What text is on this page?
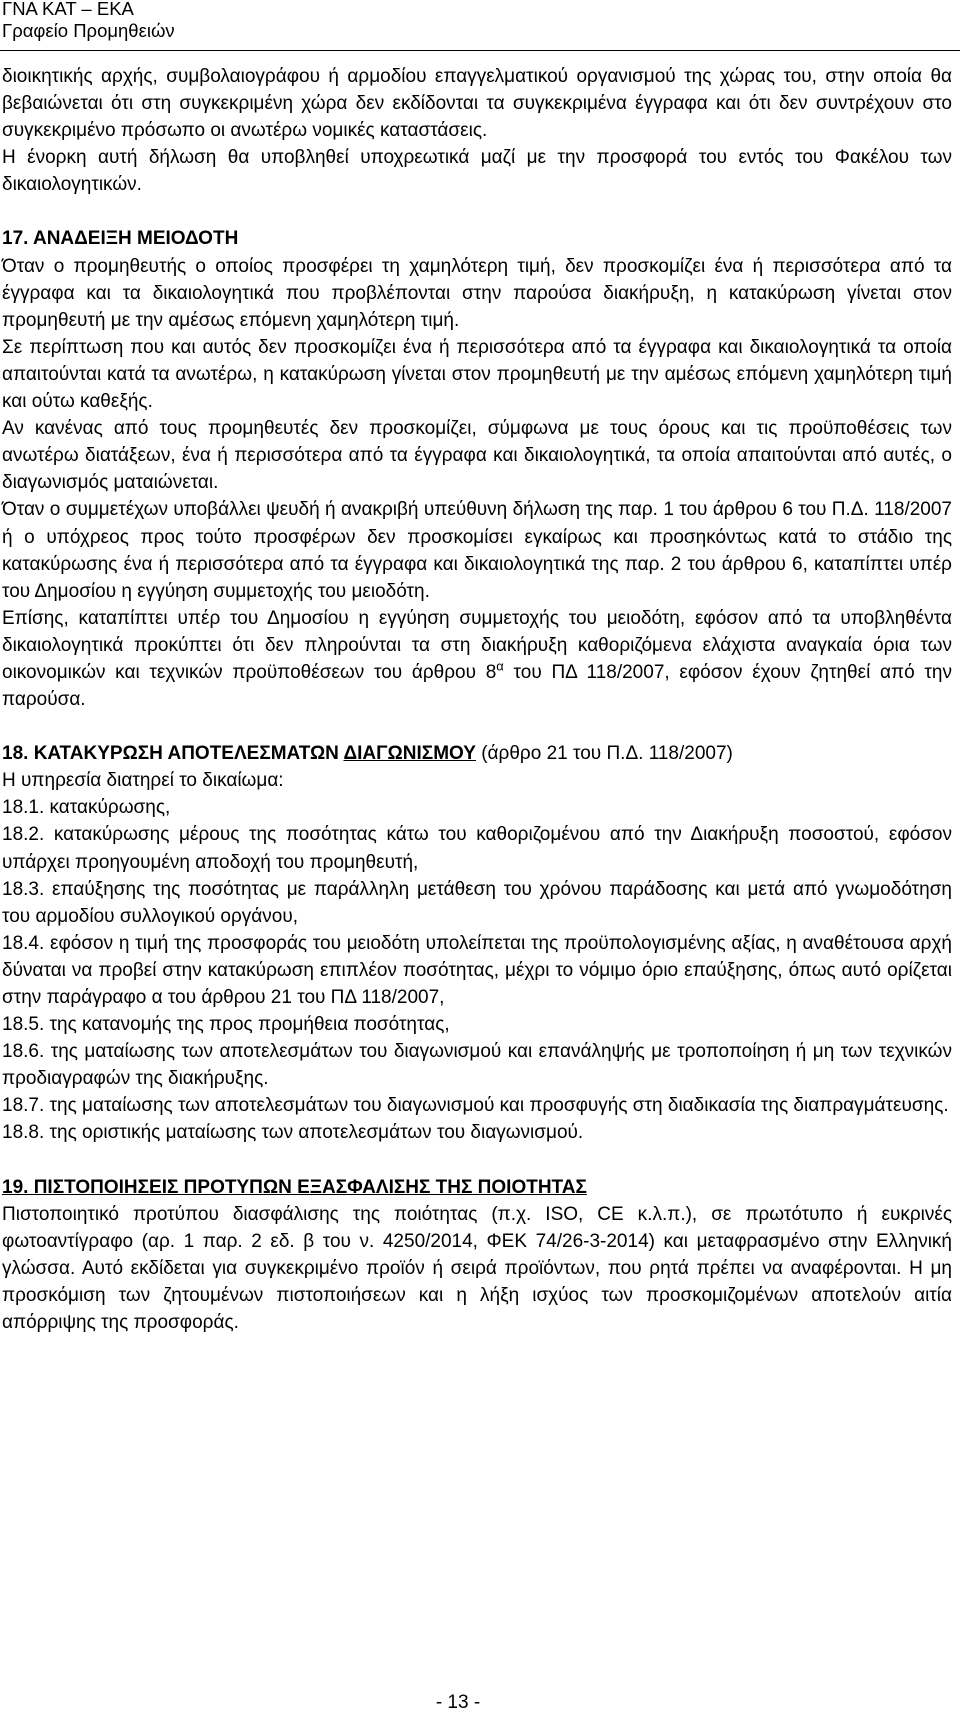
ΓΝΑ ΚΑΤ – ΕΚΑ
Γραφείο Προμηθειών

διοικητικής αρχής, συμβολαιογράφου ή αρμοδίου επαγγελματικού οργανισμού της χώρας του, στην οποία θα βεβαιώνεται ότι στη συγκεκριμένη χώρα δεν εκδίδονται τα συγκεκριμένα έγγραφα και ότι δεν συντρέχουν στο συγκεκριμένο πρόσωπο οι ανωτέρω νομικές καταστάσεις.

Η ένορκη αυτή δήλωση θα υποβληθεί υποχρεωτικά μαζί με την προσφορά του εντός του Φακέλου των δικαιολογητικών.

17. ΑΝΑΔΕΙΞΗ ΜΕΙΟΔΟΤΗ

Όταν ο προμηθευτής ο οποίος προσφέρει τη χαμηλότερη τιμή, δεν προσκομίζει ένα ή περισσότερα από τα έγγραφα και τα δικαιολογητικά που προβλέπονται στην παρούσα διακήρυξη, η κατακύρωση γίνεται στον προμηθευτή με την αμέσως επόμενη χαμηλότερη τιμή.

Σε περίπτωση που και αυτός δεν προσκομίζει ένα ή περισσότερα από τα έγγραφα και δικαιολογητικά τα οποία απαιτούνται κατά τα ανωτέρω, η κατακύρωση γίνεται στον προμηθευτή με την αμέσως επόμενη χαμηλότερη τιμή και ούτω καθεξής.

Αν κανένας από τους προμηθευτές δεν προσκομίζει, σύμφωνα με τους όρους και τις προϋποθέσεις των ανωτέρω διατάξεων, ένα ή περισσότερα από τα έγγραφα και δικαιολογητικά, τα οποία απαιτούνται από αυτές, ο διαγωνισμός ματαιώνεται.

Όταν ο συμμετέχων υποβάλλει ψευδή ή ανακριβή υπεύθυνη δήλωση της παρ. 1 του άρθρου 6 του Π.Δ. 118/2007 ή ο υπόχρεος προς τούτο προσφέρων δεν προσκομίσει εγκαίρως και προσηκόντως κατά το στάδιο της κατακύρωσης ένα ή περισσότερα από τα έγγραφα και δικαιολογητικά της παρ. 2 του άρθρου 6, καταπίπτει υπέρ του Δημοσίου η εγγύηση συμμετοχής του μειοδότη.

Επίσης, καταπίπτει υπέρ του Δημοσίου η εγγύηση συμμετοχής του μειοδότη, εφόσον από τα υποβληθέντα δικαιολογητικά προκύπτει ότι δεν πληρούνται τα στη διακήρυξη καθοριζόμενα ελάχιστα αναγκαία όρια των οικονομικών και τεχνικών προϋποθέσεων του άρθρου $8^\alpha$ του ΠΔ 118/2007, εφόσον έχουν ζητηθεί από την παρούσα.

18. ΚΑΤΑΚΥΡΩΣΗ ΑΠΟΤΕΛΕΣΜΑΤΩΝ ΔΙΑΓΩΝΙΣΜΟΥ (άρθρο 21 του Π.Δ. 118/2007)

Η υπηρεσία διατηρεί το δικαίωμα:

18.1. κατακύρωσης,

18.2. κατακύρωσης μέρους της ποσότητας κάτω του καθοριζομένου από την Διακήρυξη ποσοστού, εφόσον υπάρχει προηγουμένη αποδοχή του προμηθευτή,

18.3. επαύξησης της ποσότητας με παράλληλη μετάθεση του χρόνου παράδοσης και μετά από γνωμοδότηση του αρμοδίου συλλογικού οργάνου,

18.4. εφόσον η τιμή της προσφοράς του μειοδότη υπολείπεται της προϋπολογισμένης αξίας, η αναθέτουσα αρχή δύναται να προβεί στην κατακύρωση επιπλέον ποσότητας, μέχρι το νόμιμο όριο επαύξησης, όπως αυτό ορίζεται στην παράγραφο α του άρθρου 21 του ΠΔ 118/2007,

18.5. της κατανομής της προς προμήθεια ποσότητας,

18.6. της ματαίωσης των αποτελεσμάτων του διαγωνισμού και επανάληψής με τροποποίηση ή μη των τεχνικών προδιαγραφών της διακήρυξης.

18.7. της ματαίωσης των αποτελεσμάτων του διαγωνισμού και προσφυγής στη διαδικασία της διαπραγμάτευσης.

18.8. της οριστικής ματαίωσης των αποτελεσμάτων του διαγωνισμού.

19. ΠΙΣΤΟΠΟΙΗΣΕΙΣ ΠΡΟΤΥΠΩΝ ΕΞΑΣΦΑΛΙΣΗΣ ΤΗΣ ΠΟΙΟΤΗΤΑΣ

Πιστοποιητικό προτύπου διασφάλισης της ποιότητας (π.χ. ISO, CE κ.λ.π.), σε πρωτότυπο ή ευκρινές φωτοαντίγραφο (αρ. 1 παρ. 2 εδ. β του ν. 4250/2014, ΦΕΚ 74/26-3-2014) και μεταφρασμένο στην Ελληνική γλώσσα. Αυτό εκδίδεται για συγκεκριμένο προϊόν ή σειρά προϊόντων, που ρητά πρέπει να αναφέρονται. Η μη προσκόμιση των ζητουμένων πιστοποιήσεων και η λήξη ισχύος των προσκομιζομένων αποτελούν αιτία απόρριψης της προσφοράς.

- 13 -
